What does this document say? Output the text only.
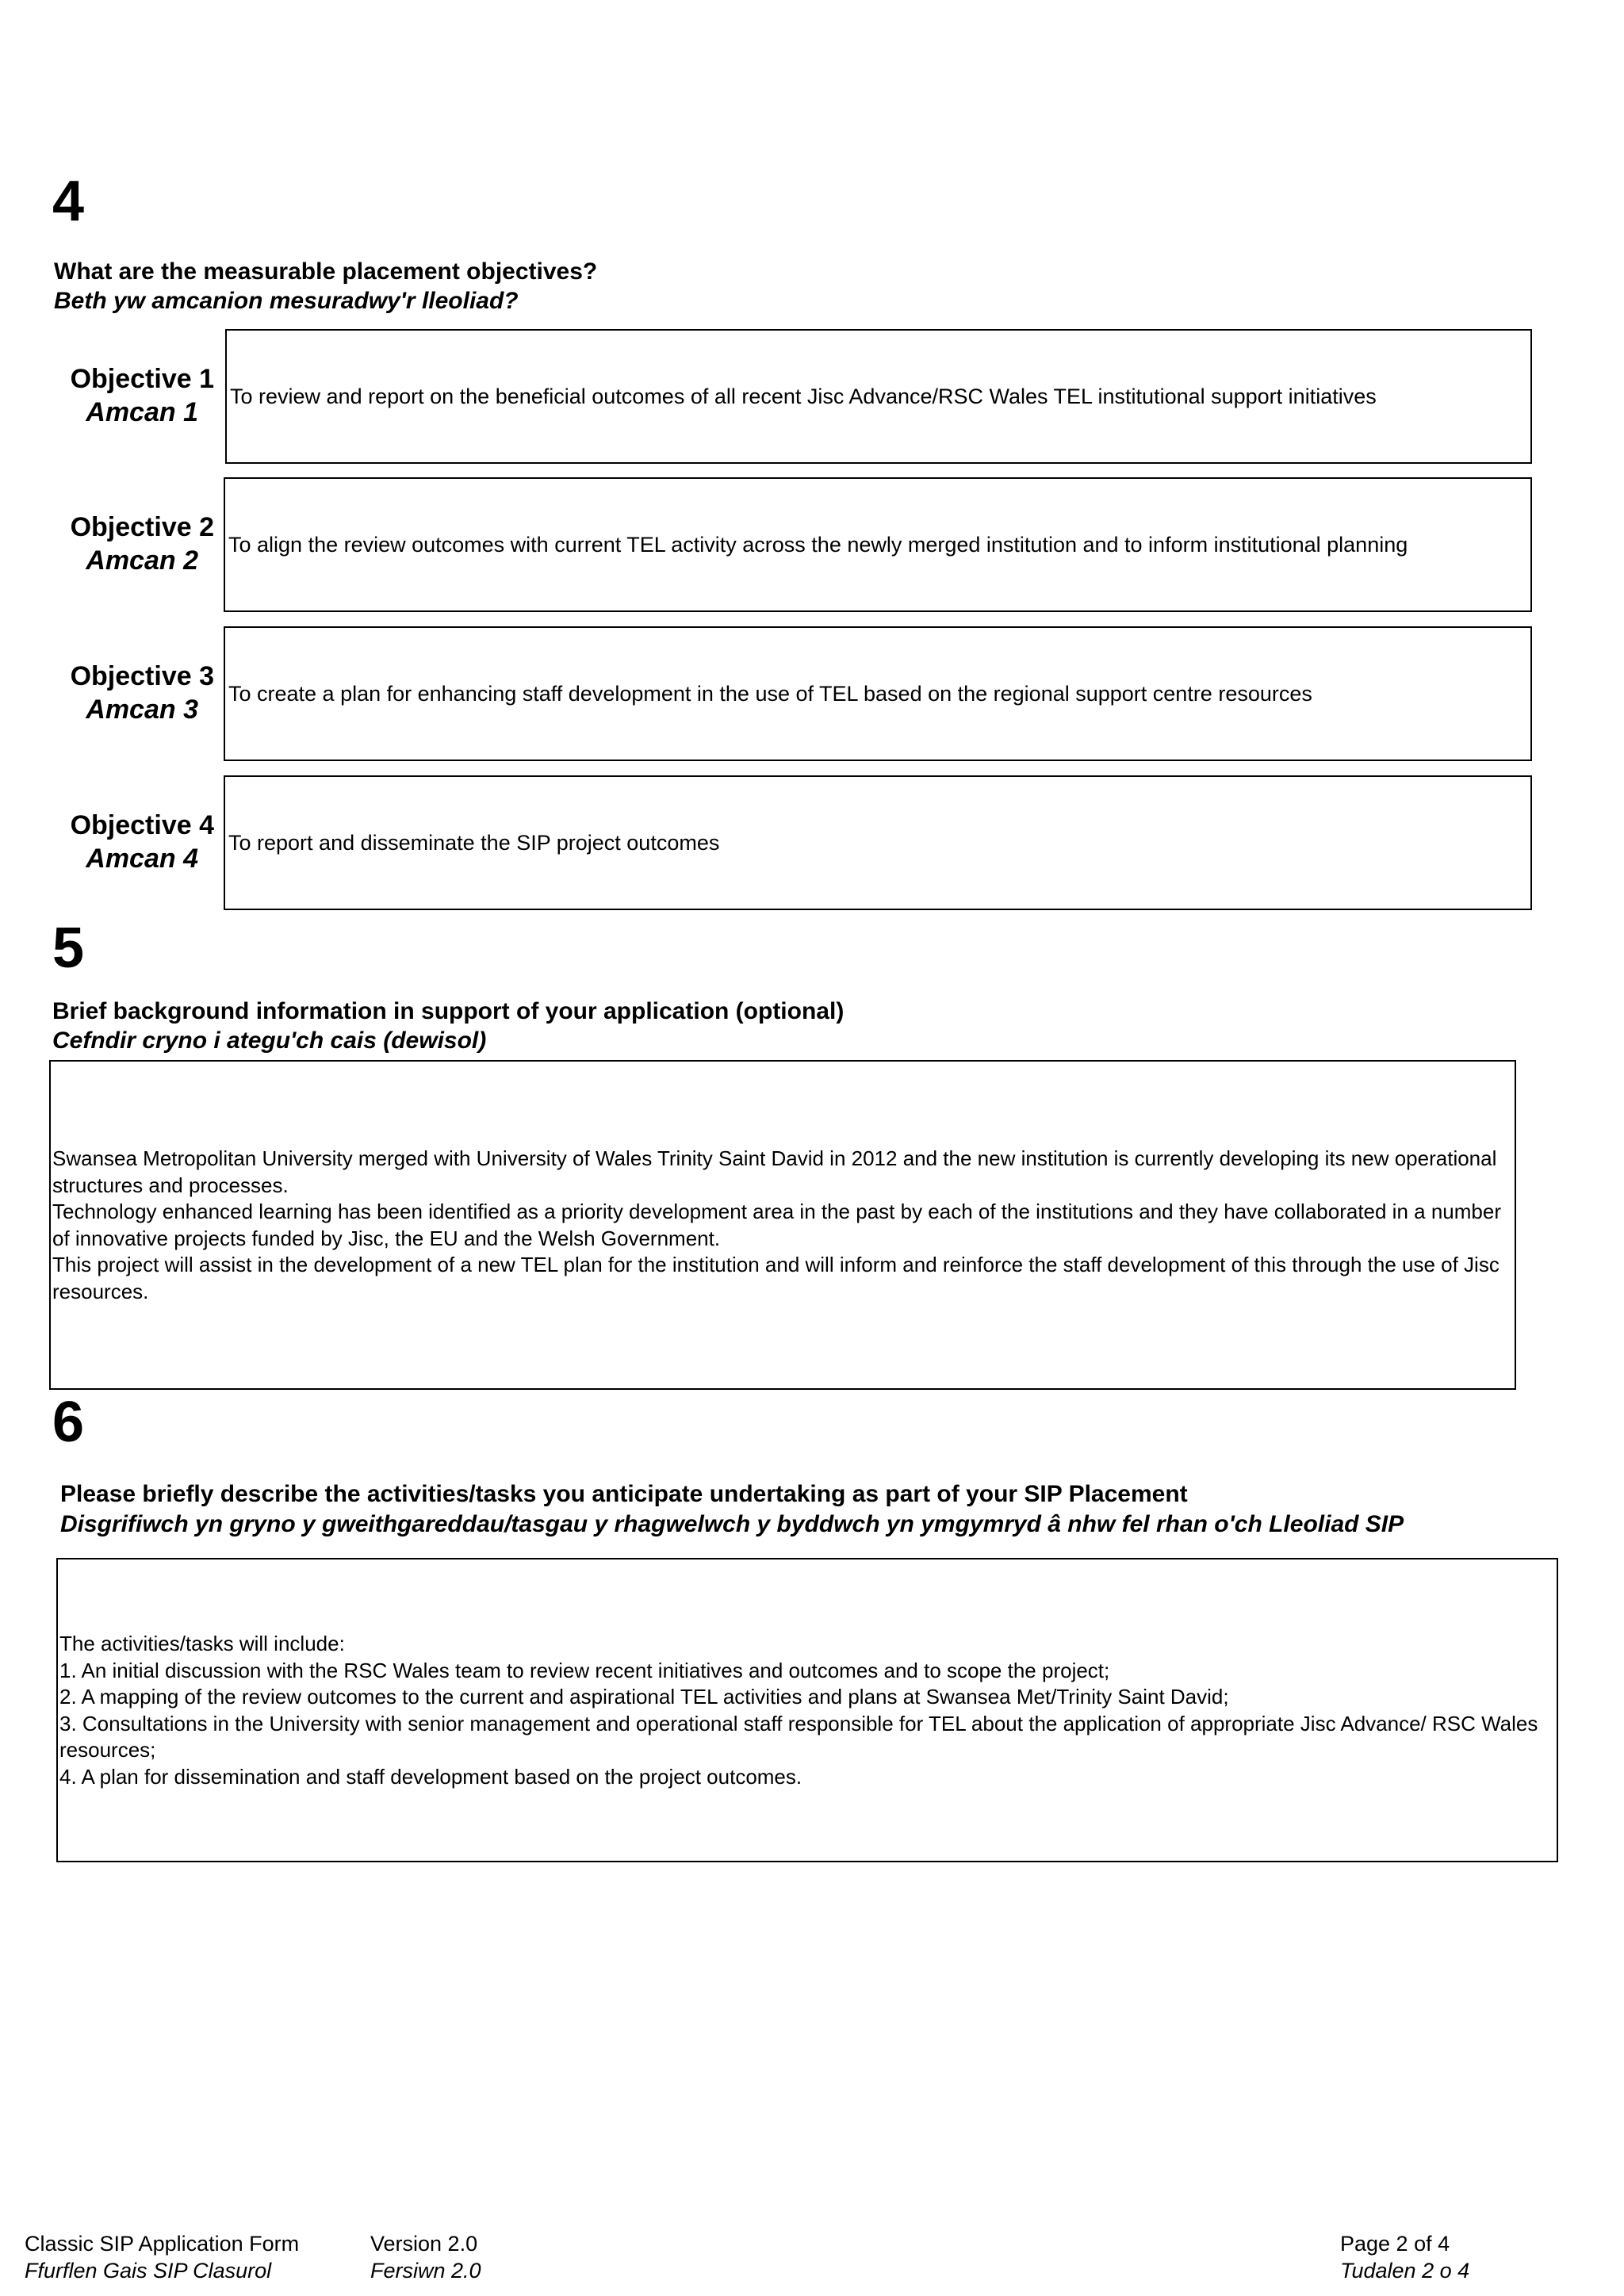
4
What are the measurable placement objectives?
Beth yw amcanion mesuradwy'r lleoliad?
Objective 1
Amcan 1
To review and report on the beneficial outcomes of all recent Jisc Advance/RSC Wales TEL institutional support initiatives
Objective 2
Amcan 2
To align the review outcomes with current TEL activity across the newly merged institution and to inform institutional planning
Objective 3
Amcan 3
To create a plan for enhancing staff development in the use of TEL based on the regional support centre resources
Objective 4
Amcan 4
To report and disseminate the SIP project outcomes
5
Brief background information in support of your application (optional)
Cefndir cryno i ategu'ch cais (dewisol)

Swansea Metropolitan University merged with University of Wales Trinity Saint David in 2012 and the new institution is currently developing its new operational structures and processes.

Technology enhanced learning has been identified as a priority development area in the past by each of the institutions and they have collaborated in a number of innovative projects funded by Jisc, the EU and the Welsh Government.

This project will assist in the development of a new TEL plan for the institution and will inform and reinforce the staff development of this through the use of Jisc resources.

6
Please briefly describe the activities/tasks you anticipate undertaking as part of your SIP Placement
Disgrifiwch yn gryno y gweithgareddau/tasgau y rhagwelwch y byddwch yn ymgymryd â nhw fel rhan o'ch Lleoliad SIP

The activities/tasks will include:

1. An initial discussion with the RSC Wales team to review recent initiatives and outcomes and to scope the project;

2. A mapping of the review outcomes to the current and aspirational TEL activities and plans at Swansea Met/Trinity Saint David;

3. Consultations in the University with senior management and operational staff responsible for TEL about the application of appropriate Jisc Advance/ RSC Wales resources;

4. A plan for dissemination and staff development based on the project outcomes.

Classic SIP Application Form
Ffurflen Gais SIP Clasurol
Version 2.0
Fersiwn 2.0
Page 2 of 4
Tudalen 2 o 4
